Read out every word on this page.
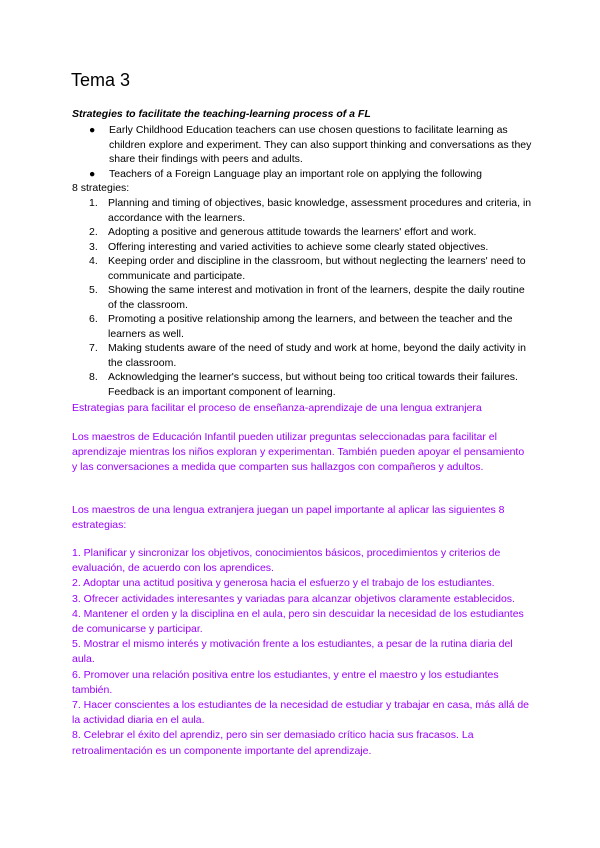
Tema 3

Strategies to facilitate the teaching-learning process of a FL

● Early Childhood Education teachers can use chosen questions to facilitate learning as children explore and experiment. They can also support thinking and conversations as they share their findings with peers and adults.
● Teachers of a Foreign Language play an important role on applying the following

8 strategies:

1. Planning and timing of objectives, basic knowledge, assessment procedures and criteria, in accordance with the learners.
2. Adopting a positive and generous attitude towards the learners' effort and work.
3. Offering interesting and varied activities to achieve some clearly stated objectives.
4. Keeping order and discipline in the classroom, but without neglecting the learners' need to communicate and participate.
5. Showing the same interest and motivation in front of the learners, despite the daily routine of the classroom.
6. Promoting a positive relationship among the learners, and between the teacher and the learners as well.
7. Making students aware of the need of study and work at home, beyond the daily activity in the classroom.
8. Acknowledging the learner's success, but without being too critical towards their failures. Feedback is an important component of learning.

Estrategias para facilitar el proceso de enseñanza-aprendizaje de una lengua extranjera

Los maestros de Educación Infantil pueden utilizar preguntas seleccionadas para facilitar el aprendizaje mientras los niños exploran y experimentan. También pueden apoyar el pensamiento y las conversaciones a medida que comparten sus hallazgos con compañeros y adultos.

Los maestros de una lengua extranjera juegan un papel importante al aplicar las siguientes 8 estrategias:

1. Planificar y sincronizar los objetivos, conocimientos básicos, procedimientos y criterios de evaluación, de acuerdo con los aprendices.
2. Adoptar una actitud positiva y generosa hacia el esfuerzo y el trabajo de los estudiantes.
3. Ofrecer actividades interesantes y variadas para alcanzar objetivos claramente establecidos.
4. Mantener el orden y la disciplina en el aula, pero sin descuidar la necesidad de los estudiantes de comunicarse y participar.
5. Mostrar el mismo interés y motivación frente a los estudiantes, a pesar de la rutina diaria del aula.
6. Promover una relación positiva entre los estudiantes, y entre el maestro y los estudiantes también.
7. Hacer conscientes a los estudiantes de la necesidad de estudiar y trabajar en casa, más allá de la actividad diaria en el aula.
8. Celebrar el éxito del aprendiz, pero sin ser demasiado crítico hacia sus fracasos. La retroalimentación es un componente importante del aprendizaje.
